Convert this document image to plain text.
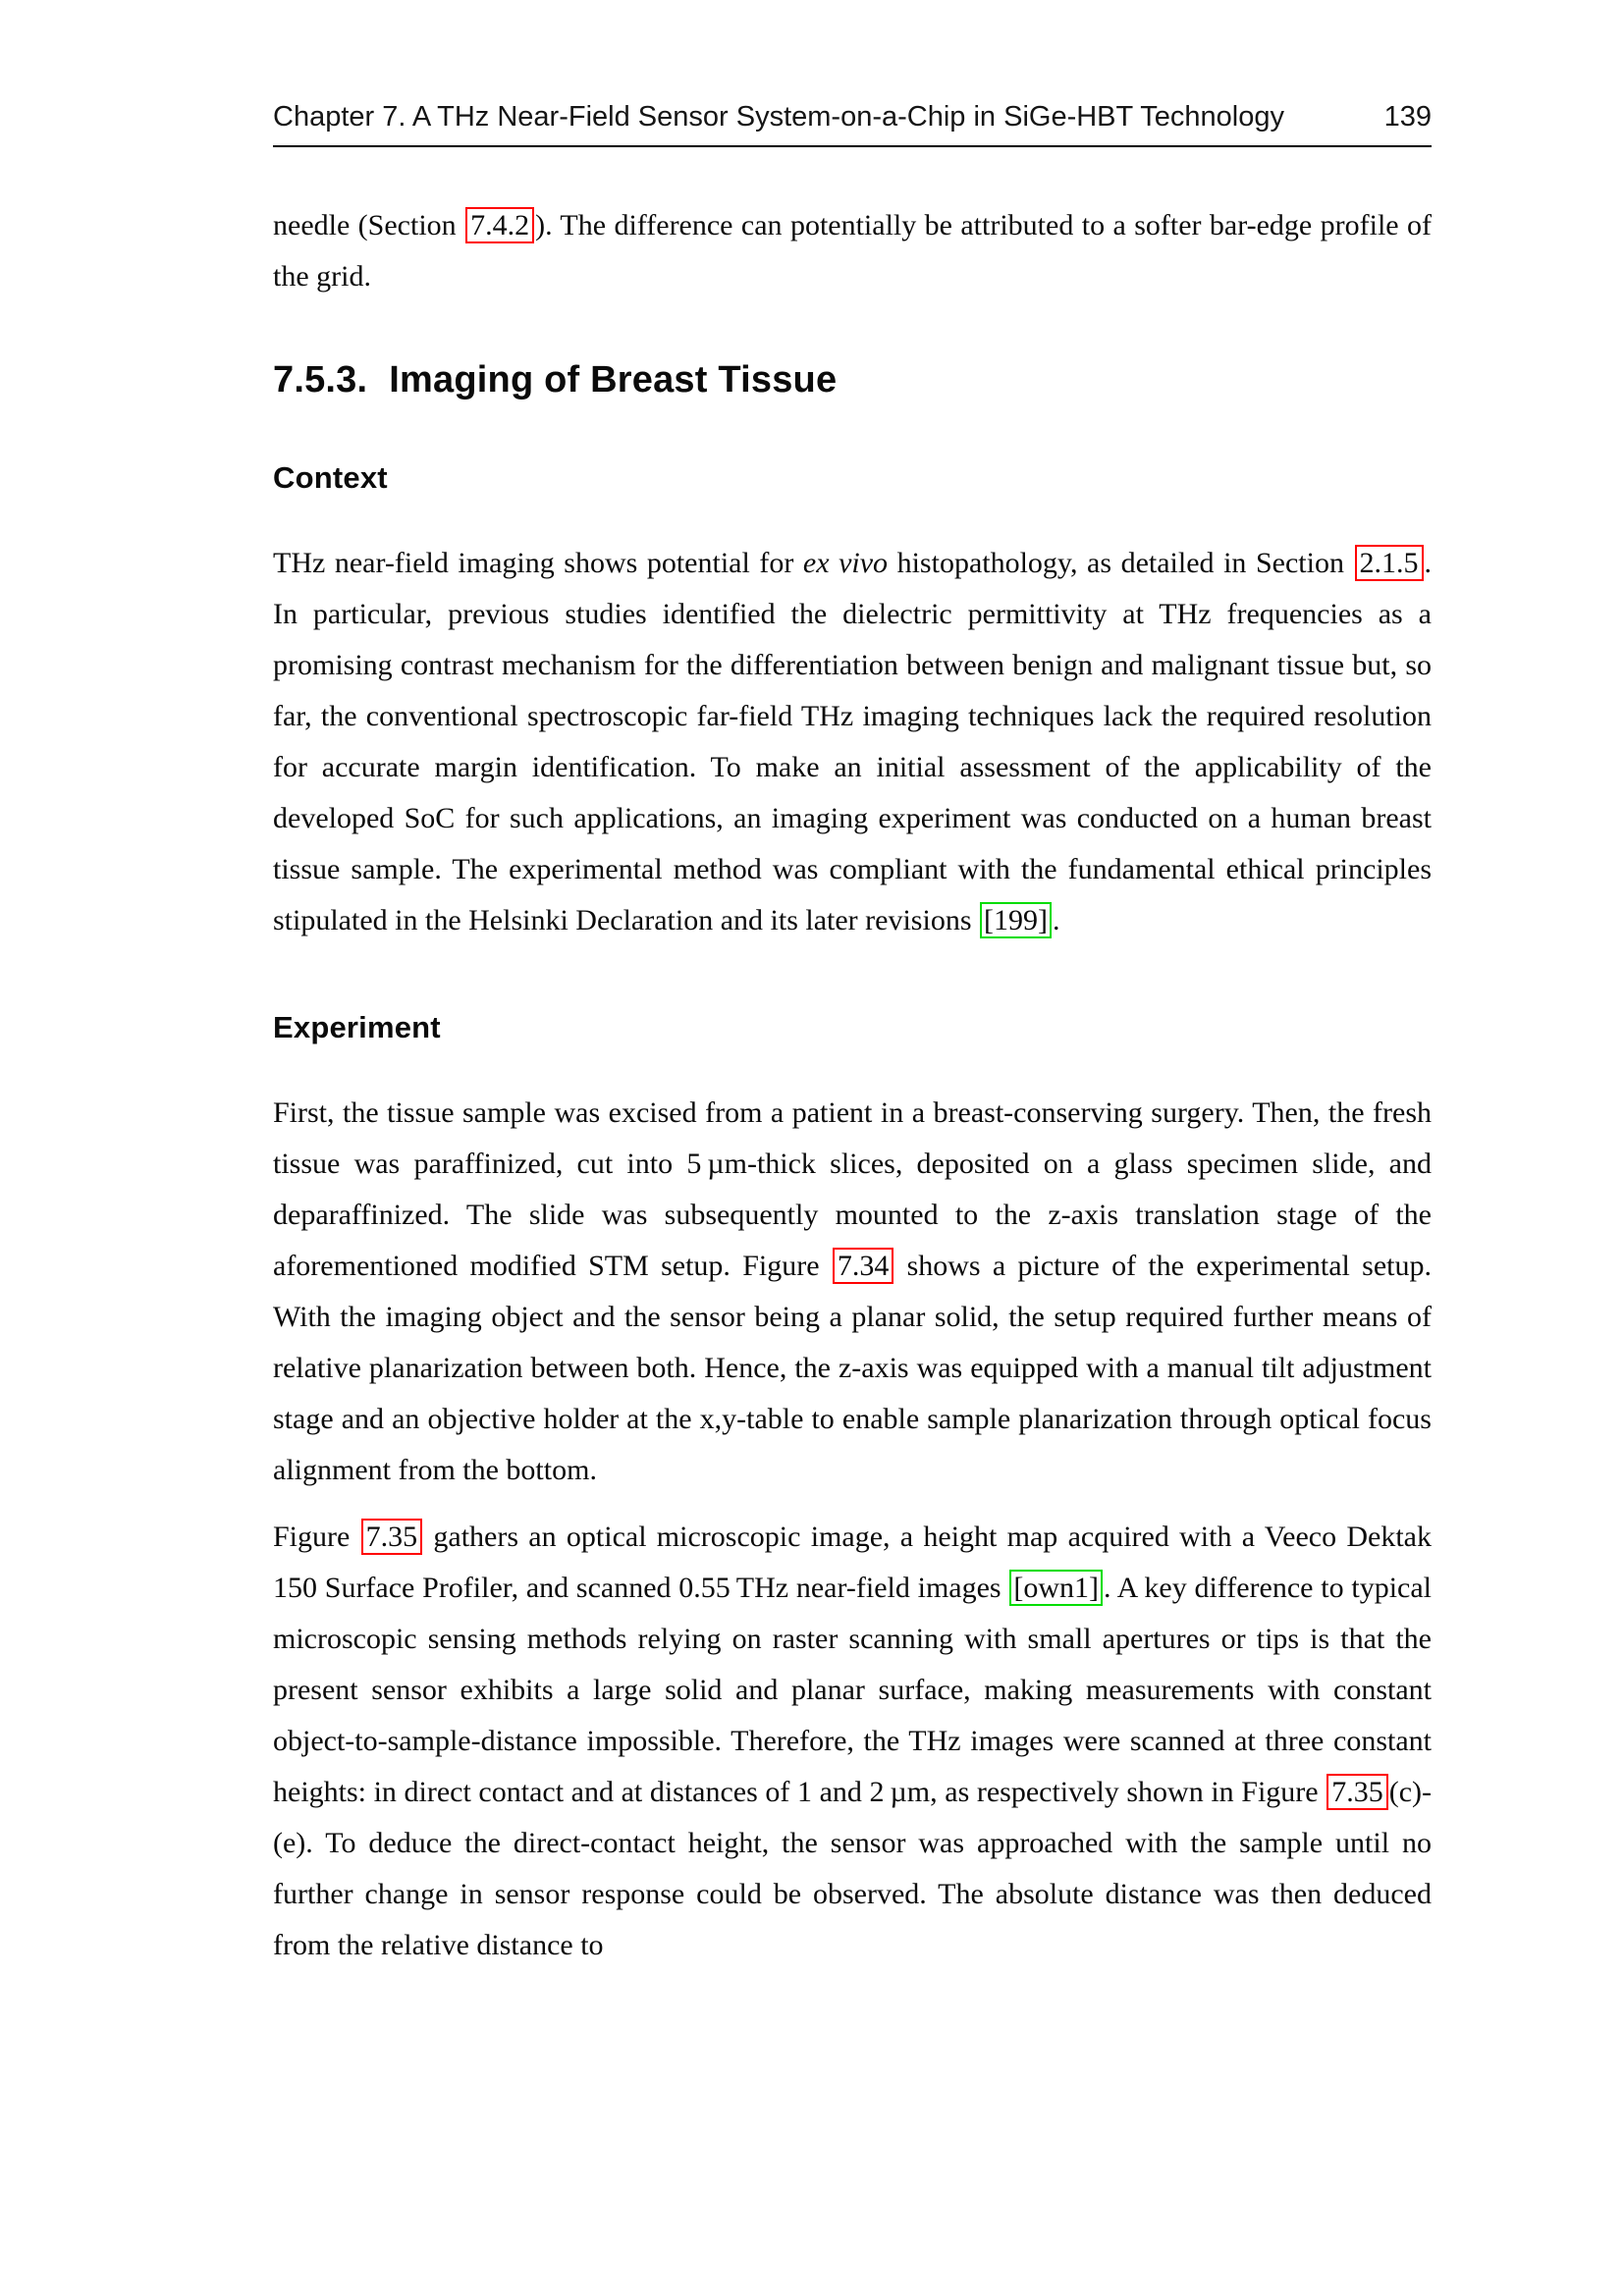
Chapter 7. A THz Near-Field Sensor System-on-a-Chip in SiGe-HBT Technology	139

needle (Section 7.4.2 ). The difference can potentially be attributed to a softer bar-edge profile of the grid.

7.5.3. Imaging of Breast Tissue
Context

THz near-field imaging shows potential for ex vivo histopathology, as detailed in Section 2.1.5 . In particular, previous studies identified the dielectric permittivity at THz frequencies as a promising contrast mechanism for the differentiation between benign and malignant tissue but, so far, the conventional spectroscopic far-field THz imaging techniques lack the required resolution for accurate margin identification. To make an initial assessment of the applicability of the developed SoC for such applications, an imaging experiment was conducted on a human breast tissue sample. The experimental method was compliant with the fundamental ethical principles stipulated in the Helsinki Declaration and its later revisions [199] .

Experiment

First, the tissue sample was excised from a patient in a breast-conserving surgery. Then, the fresh tissue was paraffinized, cut into 5 µm-thick slices, deposited on a glass specimen slide, and deparaffinized. The slide was subsequently mounted to the z-axis translation stage of the aforementioned modified STM setup. Figure 7.34 shows a picture of the experimental setup. With the imaging object and the sensor being a planar solid, the setup required further means of relative planarization between both. Hence, the z-axis was equipped with a manual tilt adjustment stage and an objective holder at the x,y-table to enable sample planarization through optical focus alignment from the bottom.

Figure 7.35 gathers an optical microscopic image, a height map acquired with a Veeco Dektak 150 Surface Profiler, and scanned 0.55 THz near-field images [own1] . A key difference to typical microscopic sensing methods relying on raster scanning with small apertures or tips is that the present sensor exhibits a large solid and planar surface, making measurements with constant object-to-sample-distance impossible. Therefore, the THz images were scanned at three constant heights: in direct contact and at distances of 1 and 2 µm, as respectively shown in Figure 7.35 (c)-(e). To deduce the direct-contact height, the sensor was approached with the sample until no further change in sensor response could be observed. The absolute distance was then deduced from the relative distance to
